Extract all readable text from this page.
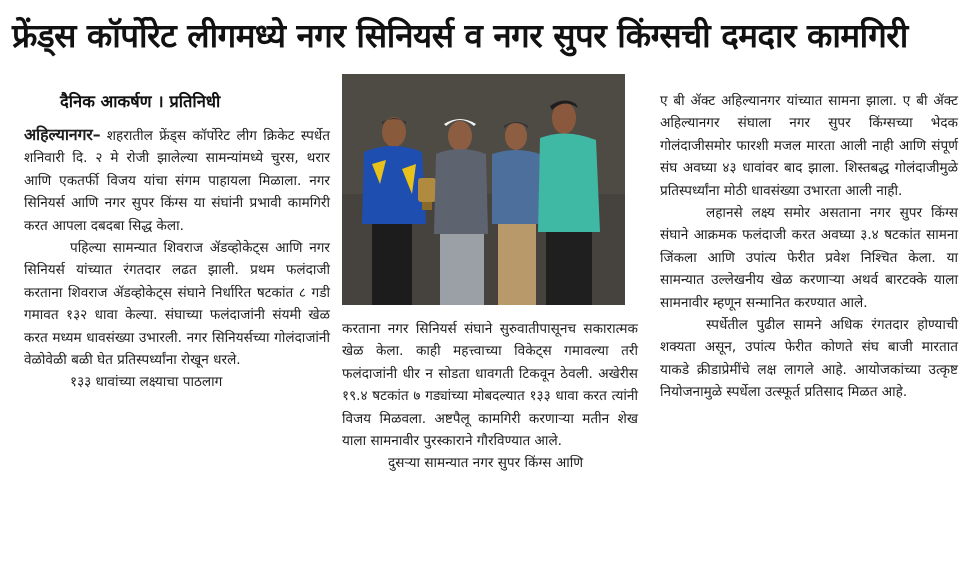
फ्रेंड्स कॉर्पोरेट लीगमध्ये नगर सिनियर्स व नगर सुपर किंग्सची दमदार कामगिरी
दैनिक आकर्षण । प्रतिनिधी

अहिल्यानगर– शहरातील फ्रेंड्स कॉर्पोरेट लीग क्रिकेट स्पर्धेत शनिवारी दि. २ मे रोजी झालेल्या सामन्यांमध्ये चुरस, थरार आणि एकतर्फी विजय यांचा संगम पाहायला मिळाला. नगर सिनियर्स आणि नगर सुपर किंग्स या संघांनी प्रभावी कामगिरी करत आपला दबदबा सिद्ध केला.

पहिल्या सामन्यात शिवराज ॲडव्होकेट्स आणि नगर सिनियर्स यांच्यात रंगतदार लढत झाली. प्रथम फलंदाजी करताना शिवराज ॲडव्होकेट्स संघाने निर्धारित षटकांत ८ गडी गमावत १३२ धावा केल्या. संघाच्या फलंदाजांनी संयमी खेळ करत मध्यम धावसंख्या उभारली. नगर सिनियर्सच्या गोलंदाजांनी वेळोवेळी बळी घेत प्रतिस्पर्ध्यांना रोखून धरले.

१३३ धावांच्या लक्ष्याचा पाठलाग

करताना नगर सिनियर्स संघाने सुरुवातीपासूनच सकारात्मक खेळ केला. काही महत्त्वाच्या विकेट्स गमावल्या तरी फलंदाजांनी धीर न सोडता धावगती टिकवून ठेवली. अखेरीस १९.४ षटकांत ७ गड्यांच्या मोबदल्यात १३३ धावा करत त्यांनी विजय मिळवला. अष्टपैलू कामगिरी करणाऱ्या मतीन शेख याला सामनावीर पुरस्काराने गौरविण्यात आले.

दुसऱ्या सामन्यात नगर सुपर किंग्स आणि

ए बी ॲक्ट अहिल्यानगर यांच्यात सामना झाला. ए बी ॲक्ट अहिल्यानगर संघाला नगर सुपर किंग्सच्या भेदक गोलंदाजीसमोर फारशी मजल मारता आली नाही आणि संपूर्ण संघ अवघ्या ४३ धावांवर बाद झाला. शिस्तबद्ध गोलंदाजीमुळे प्रतिस्पर्ध्यांना मोठी धावसंख्या उभारता आली नाही.

लहानसे लक्ष्य समोर असताना नगर सुपर किंग्स संघाने आक्रमक फलंदाजी करत अवघ्या ३.४ षटकांत सामना जिंकला आणि उपांत्य फेरीत प्रवेश निश्चित केला. या सामन्यात उल्लेखनीय खेळ करणाऱ्या अथर्व बारटक्के याला सामनावीर म्हणून सन्मानित करण्यात आले.

स्पर्धेतील पुढील सामने अधिक रंगतदार होण्याची शक्यता असून, उपांत्य फेरीत कोणते संघ बाजी मारतात याकडे क्रीडाप्रेमींचे लक्ष लागले आहे. आयोजकांच्या उत्कृष्ट नियोजनामुळे स्पर्धेला उत्स्फूर्त प्रतिसाद मिळत आहे.
